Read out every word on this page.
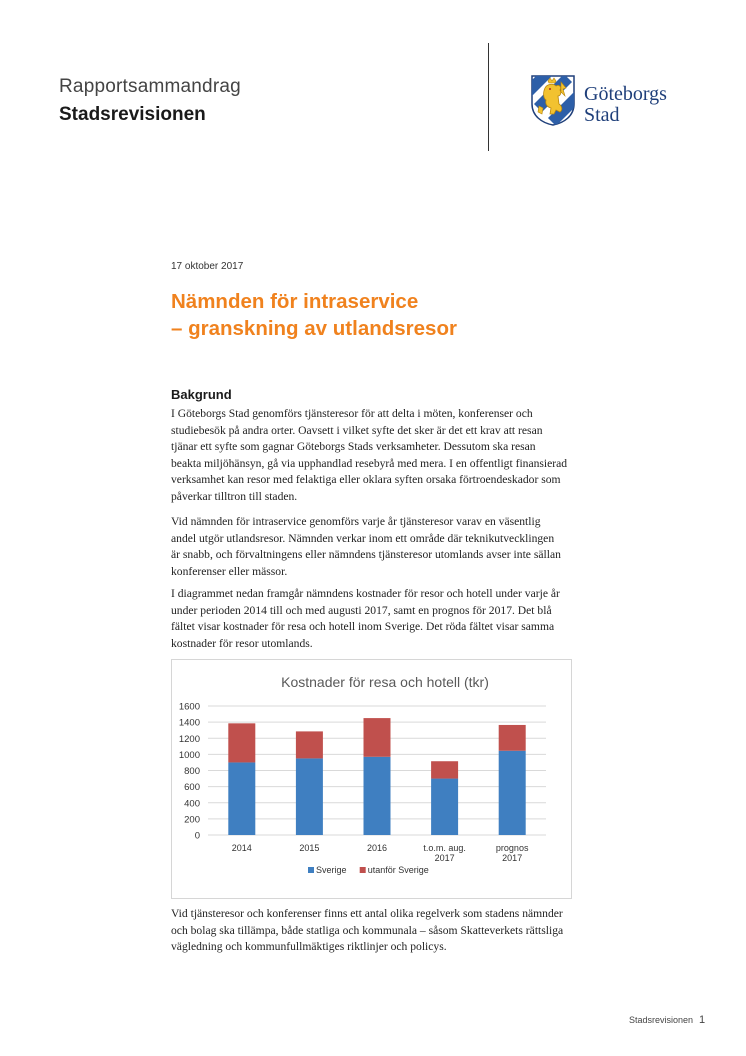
Rapportsammandrag
Stadsrevisionen
Göteborgs
Stad
17 oktober 2017
Nämnden för intraservice
– granskning av utlandsresor
Bakgrund
I Göteborgs Stad genomförs tjänsteresor för att delta i möten, konferenser och
studiebesök på andra orter. Oavsett i vilket syfte det sker är det ett krav att resan
tjänar ett syfte som gagnar Göteborgs Stads verksamheter. Dessutom ska resan
beakta miljöhänsyn, gå via upphandlad resebyrå med mera. I en offentligt finansierad
verksamhet kan resor med felaktiga eller oklara syften orsaka förtroendeskador som
påverkar tilltron till staden.
Vid nämnden för intraservice genomförs varje år tjänsteresor varav en väsentlig
andel utgör utlandsresor. Nämnden verkar inom ett område där teknikutvecklingen
är snabb, och förvaltningens eller nämndens tjänsteresor utomlands avser inte sällan
konferenser eller mässor.
I diagrammet nedan framgår nämndens kostnader för resor och hotell under varje år
under perioden 2014 till och med augusti 2017, samt en prognos för 2017. Det blå
fältet visar kostnader för resa och hotell inom Sverige. Det röda fältet visar samma
kostnader för resor utomlands.
Kostnader för resa och hotell (tkr)
0
200
400
600
800
1000
1200
1400
1600
2014	2015	2016	t.o.m. aug.
2017
prognos
2017
Sverige utanför Sverige
Vid tjänsteresor och konferenser finns ett antal olika regelverk som stadens nämnder
och bolag ska tillämpa, både statliga och kommunala – såsom Skatteverkets rättsliga
vägledning och kommunfullmäktiges riktlinjer och policys.
Stadsrevisionen 1
